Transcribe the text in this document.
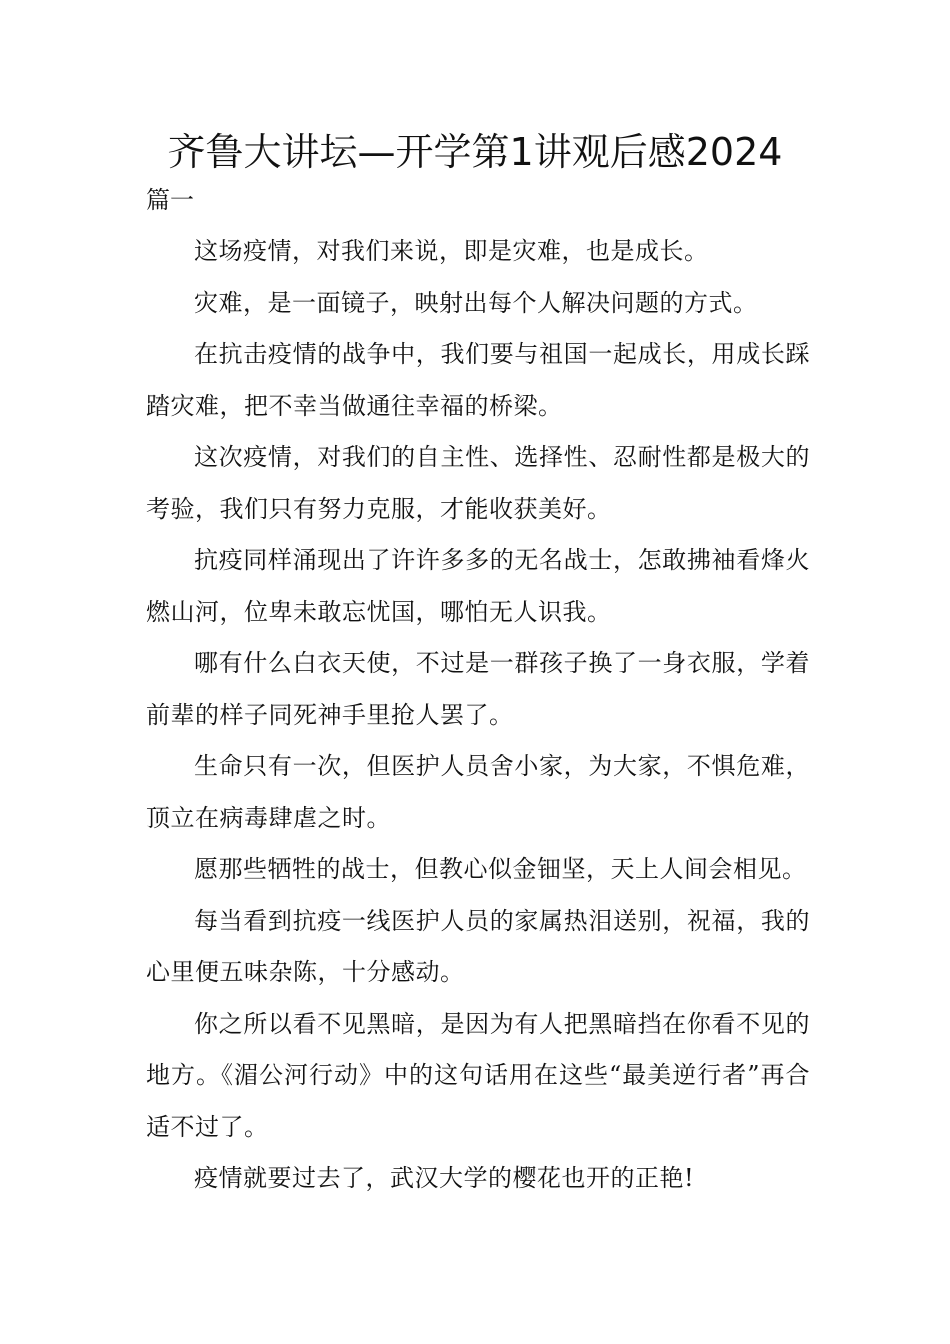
齐鲁大讲坛—开学第1讲观后感2024

篇一

这场疫情，对我们来说，即是灾难，也是成长。

灾难，是一面镜子，映射出每个人解决问题的方式。

在抗击疫情的战争中，我们要与祖国一起成长，用成长踩踏灾难，把不幸当做通往幸福的桥梁。

这次疫情，对我们的自主性、选择性、忍耐性都是极大的考验，我们只有努力克服，才能收获美好。

抗疫同样涌现出了许许多多的无名战士，怎敢拂袖看烽火燃山河，位卑未敢忘忧国，哪怕无人识我。

哪有什么白衣天使，不过是一群孩子换了一身衣服，学着前辈的样子同死神手里抢人罢了。

生命只有一次，但医护人员舍小家，为大家，不惧危难，顶立在病毒肆虐之时。

愿那些牺牲的战士，但教心似金钿坚，天上人间会相见。

每当看到抗疫一线医护人员的家属热泪送别，祝福，我的心里便五味杂陈，十分感动。

你之所以看不见黑暗，是因为有人把黑暗挡在你看不见的地方。《湄公河行动》中的这句话用在这些“最美逆行者”再合适不过了。

疫情就要过去了，武汉大学的樱花也开的正艳!
